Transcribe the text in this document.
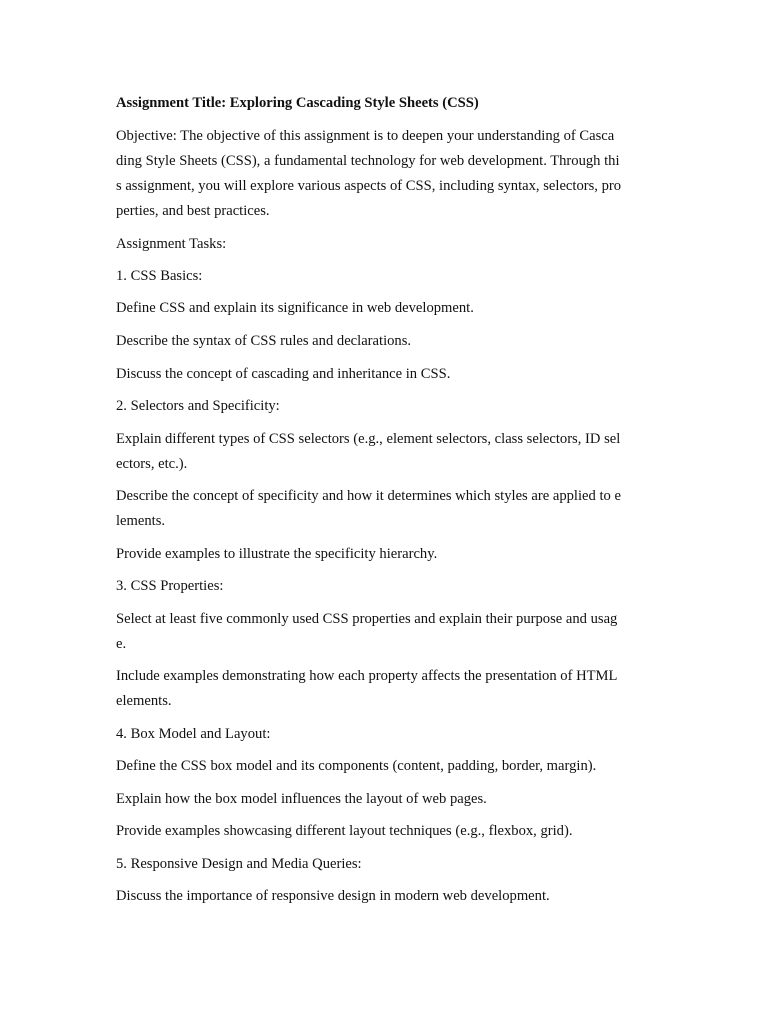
Assignment Title: Exploring Cascading Style Sheets (CSS)

Objective: The objective of this assignment is to deepen your understanding of Casca

ding Style Sheets (CSS), a fundamental technology for web development. Through thi

s assignment, you will explore various aspects of CSS, including syntax, selectors, pro

perties, and best practices.

Assignment Tasks:

1. CSS Basics:

Define CSS and explain its significance in web development.

Describe the syntax of CSS rules and declarations.

Discuss the concept of cascading and inheritance in CSS.

2. Selectors and Specificity:

Explain different types of CSS selectors (e.g., element selectors, class selectors, ID sel

ectors, etc.).

Describe the concept of specificity and how it determines which styles are applied to e

lements.

Provide examples to illustrate the specificity hierarchy.

3. CSS Properties:

Select at least five commonly used CSS properties and explain their purpose and usag

e.

Include examples demonstrating how each property affects the presentation of HTML

elements.

4. Box Model and Layout:

Define the CSS box model and its components (content, padding, border, margin).

Explain how the box model influences the layout of web pages.

Provide examples showcasing different layout techniques (e.g., flexbox, grid).

5. Responsive Design and Media Queries:

Discuss the importance of responsive design in modern web development.
